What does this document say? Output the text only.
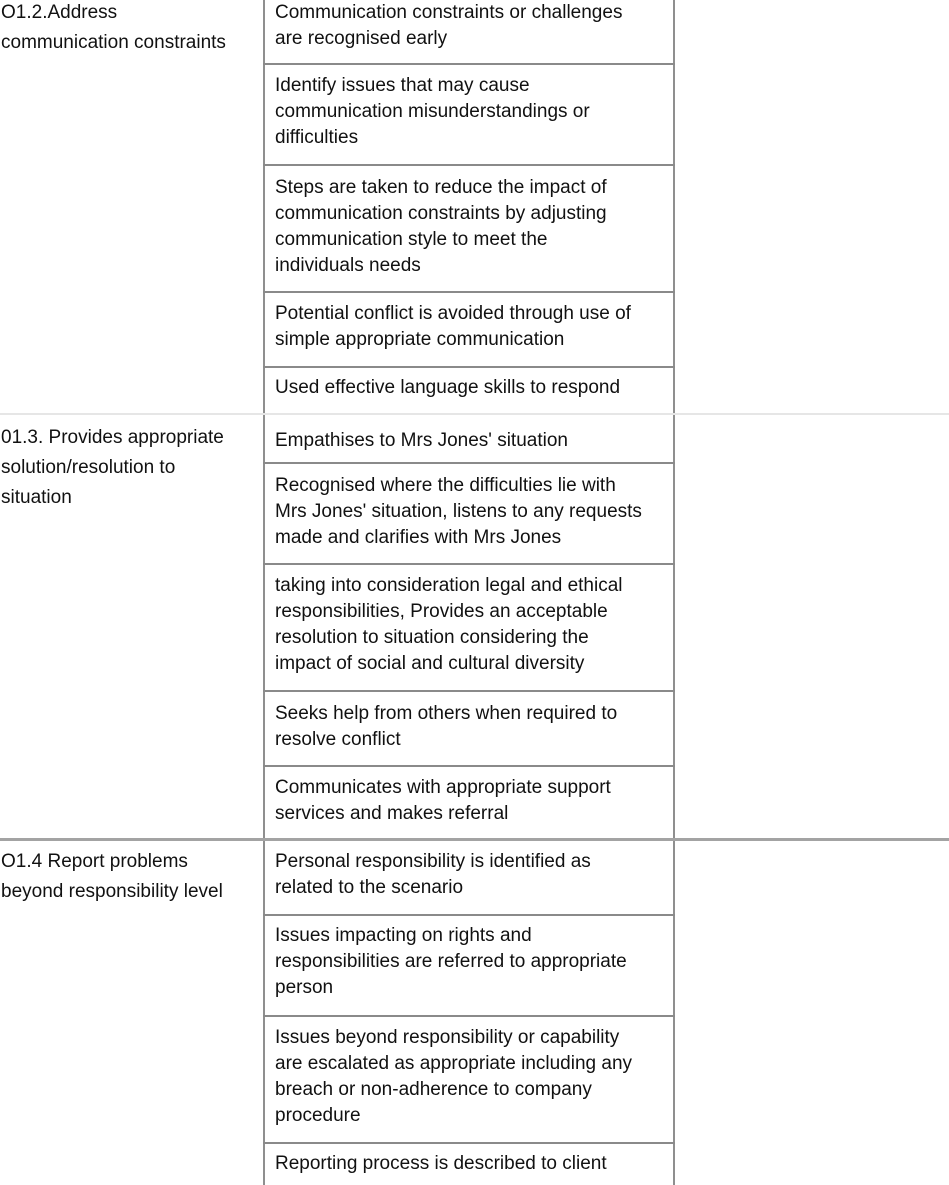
O1.2.Address
communication constraints
Communication constraints or challenges
are recognised early
Identify issues that may cause
communication misunderstandings or
difficulties
Steps are taken to reduce the impact of
communication constraints by adjusting
communication style to meet the
individuals needs
Potential conflict is avoided through use of
simple appropriate communication
Used effective language skills to respond
01.3. Provides appropriate
solution/resolution to
situation
Empathises to Mrs Jones' situation
Recognised where the difficulties lie with
Mrs Jones' situation, listens to any requests
made and clarifies with Mrs Jones
taking into consideration legal and ethical
responsibilities, Provides an acceptable
resolution to situation considering the
impact of social and cultural diversity
Seeks help from others when required to
resolve conflict
Communicates with appropriate support
services and makes referral
O1.4 Report problems
beyond responsibility level
Personal responsibility is identified as
related to the scenario
Issues impacting on rights and
responsibilities are referred to appropriate
person
Issues beyond responsibility or capability
are escalated as appropriate including any
breach or non-adherence to company
procedure
Reporting process is described to client
